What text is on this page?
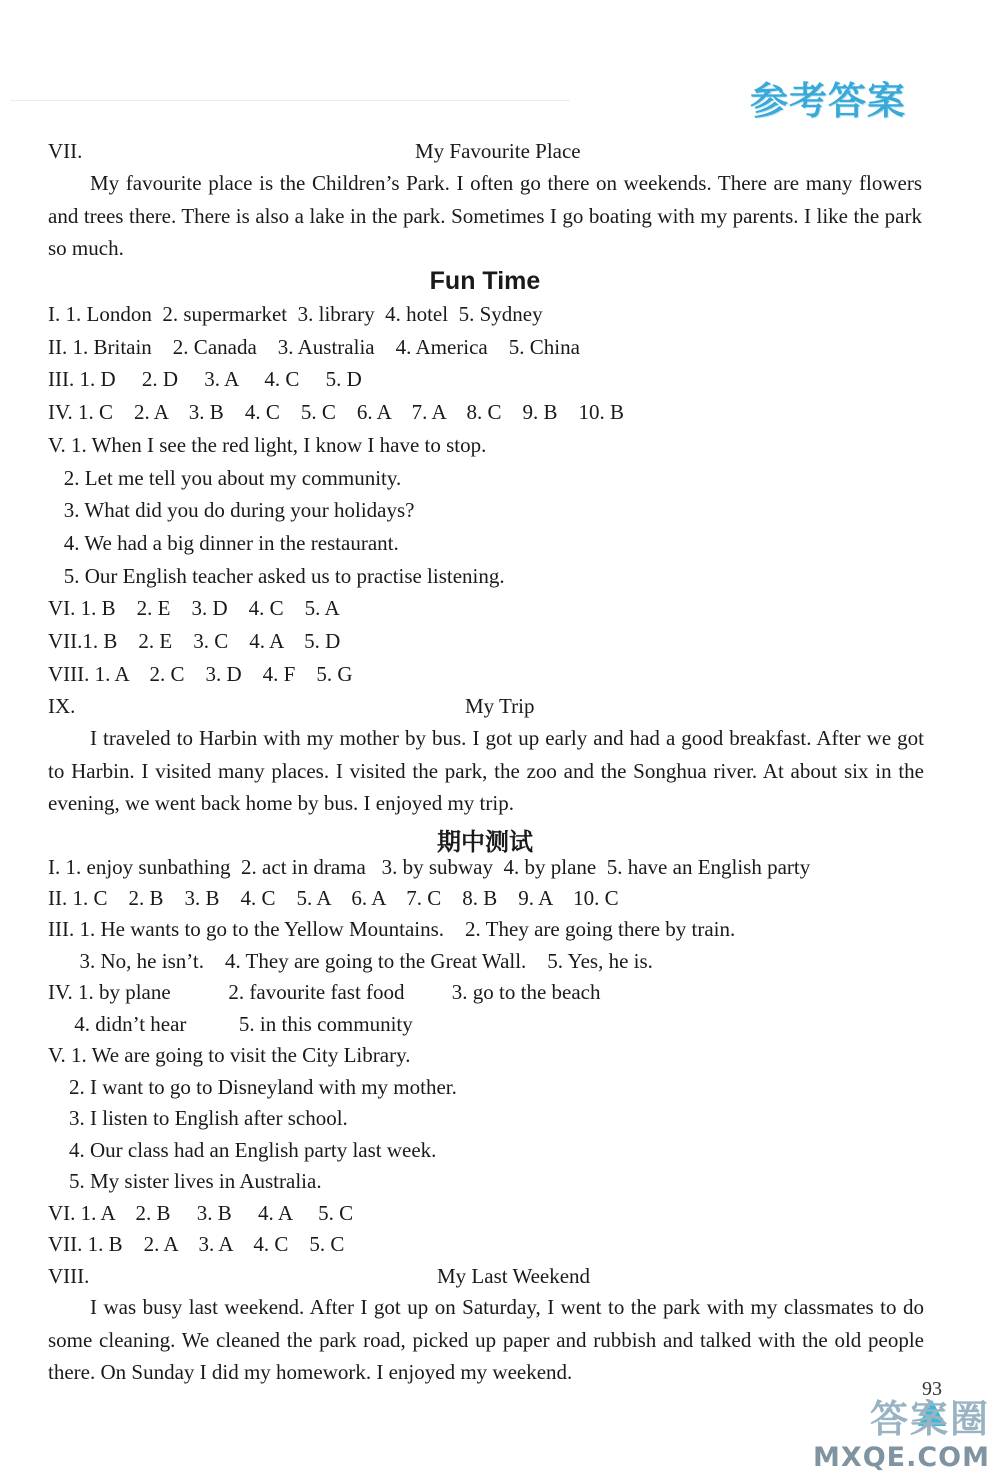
参考答案
VII.	My Favourite Place
My favourite place is the Children’s Park. I often go there on weekends. There are many flowers and trees there. There is also a lake in the park. Sometimes I go boating with my parents. I like the park so much.
Fun Time
I. 1. London  2. supermarket  3. library  4. hotel  5. Sydney
II. 1. Britain    2. Canada    3. Australia    4. America    5. China
III. 1. D     2. D     3. A     4. C     5. D
IV. 1. C    2. A    3. B    4. C    5. C    6. A    7. A    8. C    9. B    10. B
V. 1. When I see the red light, I know I have to stop.
2. Let me tell you about my community.
3. What did you do during your holidays?
4. We had a big dinner in the restaurant.
5. Our English teacher asked us to practise listening.
VI. 1. B    2. E    3. D    4. C    5. A
VII.1. B    2. E    3. C    4. A    5. D
VIII. 1. A    2. C    3. D    4. F    5. G
IX.	My Trip
I traveled to Harbin with my mother by bus. I got up early and had a good breakfast. After we got to Harbin. I visited many places. I visited the park, the zoo and the Songhua river. At about six in the evening, we went back home by bus. I enjoyed my trip.
期中测试
I. 1. enjoy sunbathing  2. act in drama   3. by subway  4. by plane  5. have an English party
II. 1. C    2. B    3. B    4. C    5. A    6. A    7. C    8. B    9. A    10. C
III. 1. He wants to go to the Yellow Mountains.    2. They are going there by train.
3. No, he isn’t.    4. They are going to the Great Wall.    5. Yes, he is.
IV. 1. by plane           2. favourite fast food         3. go to the beach
4. didn’t hear          5. in this community
V. 1. We are going to visit the City Library.
2. I want to go to Disneyland with my mother.
3. I listen to English after school.
4. Our class had an English party last week.
5. My sister lives in Australia.
VI. 1. A    2. B     3. B     4. A     5. C
VII. 1. B    2. A    3. A    4. C    5. C
VIII.	My Last Weekend
I was busy last weekend. After I got up on Saturday, I went to the park with my classmates to do some cleaning. We cleaned the park road, picked up paper and rubbish and talked with the old people there. On Sunday I did my homework. I enjoyed my weekend.
93
答案圈
MXQE.COM
